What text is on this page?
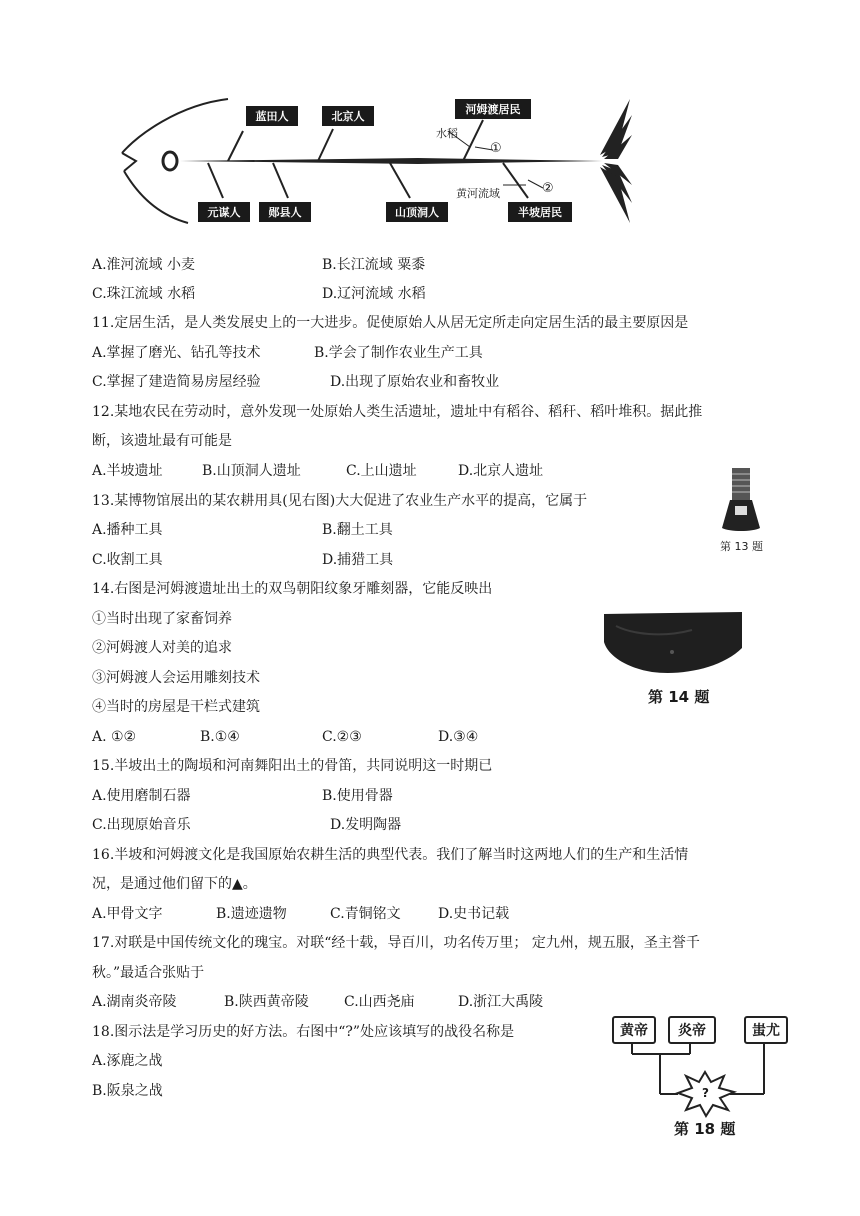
蓝田人	北京人
河姆渡居民
水稻
①
元谋人	郧县人	山顶洞人
黄河流域	②
半坡居民
A.淮河流域 小麦	B.长江流域 粟黍
C.珠江流域 水稻	D.辽河流域 水稻
11.定居生活，是人类发展史上的一大进步。促使原始人从居无定所走向定居生活的最主要原因是
A.掌握了磨光、钻孔等技术	B.学会了制作农业生产工具
C.掌握了建造简易房屋经验	D.出现了原始农业和畜牧业
12.某地农民在劳动时，意外发现一处原始人类生活遗址，遗址中有稻谷、稻秆、稻叶堆积。据此推
断，该遗址最有可能是
A.半坡遗址	B.山顶洞人遗址	C.上山遗址	D.北京人遗址
第 13 题
13.某博物馆展出的某农耕用具(见右图)大大促进了农业生产水平的提高，它属于
A.播种工具	B.翻土工具
C.收割工具	D.捕猎工具
14.右图是河姆渡遗址出土的双鸟朝阳纹象牙雕刻器，它能反映出
①当时出现了家畜饲养
②河姆渡人对美的追求
③河姆渡人会运用雕刻技术
④当时的房屋是干栏式建筑
A. ①②	B.①④	C.②③	D.③④
第 14 题
15.半坡出土的陶埙和河南舞阳出土的骨笛，共同说明这一时期已
A.使用磨制石器	B.使用骨器
C.出现原始音乐	D.发明陶器
16.半坡和河姆渡文化是我国原始农耕生活的典型代表。我们了解当时这两地人们的生产和生活情
况，是通过他们留下的▲。
A.甲骨文字	B.遗迹遗物	C.青铜铭文	D.史书记载
17.对联是中国传统文化的瑰宝。对联“经十载，导百川，功名传万里； 定九州，规五服，圣主誉千
秋。”最适合张贴于
A.湖南炎帝陵	B.陕西黄帝陵	C.山西尧庙	D.浙江大禹陵
18.图示法是学习历史的好方法。右图中“?”处应该填写的战役名称是
A.涿鹿之战
B.阪泉之战
黄帝	炎帝	蚩尤
?
第 18 题
